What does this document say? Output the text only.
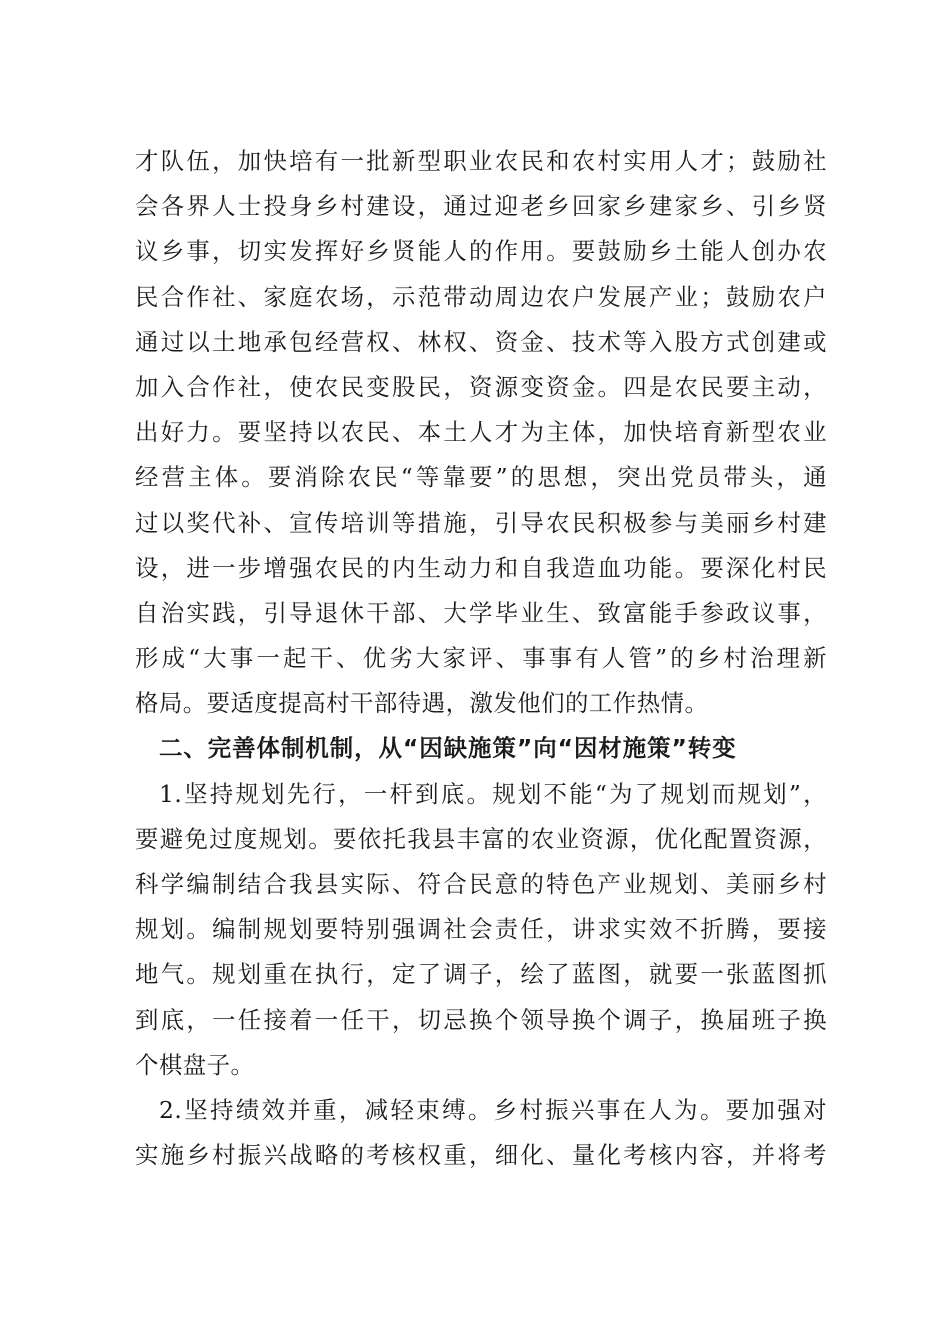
才队伍，加快培有一批新型职业农民和农村实用人才；鼓励社
会各界人士投身乡村建设，通过迎老乡回家乡建家乡、引乡贤
议乡事，切实发挥好乡贤能人的作用。要鼓励乡土能人创办农
民合作社、家庭农场，示范带动周边农户发展产业；鼓励农户
通过以土地承包经营权、林权、资金、技术等入股方式创建或
加入合作社，使农民变股民，资源变资金。四是农民要主动，
出好力。要坚持以农民、本土人才为主体，加快培育新型农业
经营主体。要消除农民“等靠要”的思想，突出党员带头，通
过以奖代补、宣传培训等措施，引导农民积极参与美丽乡村建
设，进一步增强农民的内生动力和自我造血功能。要深化村民
自治实践，引导退休干部、大学毕业生、致富能手参政议事，
形成“大事一起干、优劣大家评、事事有人管”的乡村治理新
格局。要适度提高村干部待遇，激发他们的工作热情。
二、完善体制机制，从“因缺施策”向“因材施策”转变
1.坚持规划先行，一杆到底。规划不能“为了规划而规划”，
要避免过度规划。要依托我县丰富的农业资源，优化配置资源，
科学编制结合我县实际、符合民意的特色产业规划、美丽乡村
规划。编制规划要特别强调社会责任，讲求实效不折腾，要接
地气。规划重在执行，定了调子，绘了蓝图，就要一张蓝图抓
到底，一任接着一任干，切忌换个领导换个调子，换届班子换
个棋盘子。
2.坚持绩效并重，减轻束缚。乡村振兴事在人为。要加强对
实施乡村振兴战略的考核权重，细化、量化考核内容，并将考
